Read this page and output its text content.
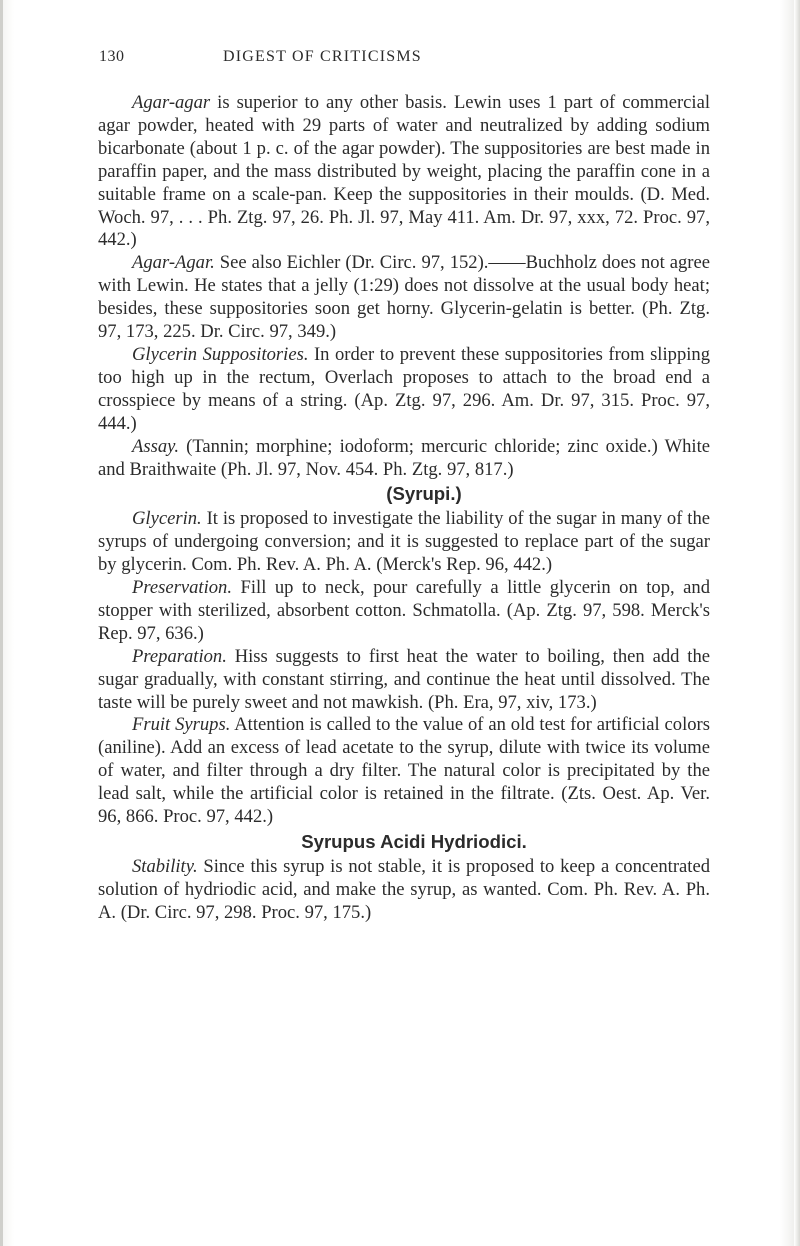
130	DIGEST OF CRITICISMS

Agar-agar is superior to any other basis. Lewin uses 1 part of commercial agar powder, heated with 29 parts of water and neutralized by adding sodium bicarbonate (about 1 p. c. of the agar powder). The suppositories are best made in paraffin paper, and the mass distributed by weight, placing the paraffin cone in a suitable frame on a scale-pan. Keep the suppositories in their moulds. (D. Med. Woch. 97, . . . Ph. Ztg. 97, 26. Ph. Jl. 97, May 411. Am. Dr. 97, xxx, 72. Proc. 97, 442.)

Agar-Agar. See also Eichler (Dr. Circ. 97, 152).——Buchholz does not agree with Lewin. He states that a jelly (1:29) does not dissolve at the usual body heat; besides, these suppositories soon get horny. Glycerin-gelatin is better. (Ph. Ztg. 97, 173, 225. Dr. Circ. 97, 349.)

Glycerin Suppositories. In order to prevent these suppositories from slipping too high up in the rectum, Overlach proposes to attach to the broad end a crosspiece by means of a string. (Ap. Ztg. 97, 296. Am. Dr. 97, 315. Proc. 97, 444.)

Assay. (Tannin; morphine; iodoform; mercuric chloride; zinc oxide.) White and Braithwaite (Ph. Jl. 97, Nov. 454. Ph. Ztg. 97, 817.)

(Syrupi.)

Glycerin. It is proposed to investigate the liability of the sugar in many of the syrups of undergoing conversion; and it is suggested to replace part of the sugar by glycerin. Com. Ph. Rev. A. Ph. A. (Merck's Rep. 96, 442.)

Preservation. Fill up to neck, pour carefully a little glycerin on top, and stopper with sterilized, absorbent cotton. Schmatolla. (Ap. Ztg. 97, 598. Merck's Rep. 97, 636.)

Preparation. Hiss suggests to first heat the water to boiling, then add the sugar gradually, with constant stirring, and continue the heat until dissolved. The taste will be purely sweet and not mawkish. (Ph. Era, 97, xiv, 173.)

Fruit Syrups. Attention is called to the value of an old test for artificial colors (aniline). Add an excess of lead acetate to the syrup, dilute with twice its volume of water, and filter through a dry filter. The natural color is precipitated by the lead salt, while the artificial color is retained in the filtrate. (Zts. Oest. Ap. Ver. 96, 866. Proc. 97, 442.)

Syrupus Acidi Hydriodici.

Stability. Since this syrup is not stable, it is proposed to keep a concentrated solution of hydriodic acid, and make the syrup, as wanted. Com. Ph. Rev. A. Ph. A. (Dr. Circ. 97, 298. Proc. 97, 175.)
